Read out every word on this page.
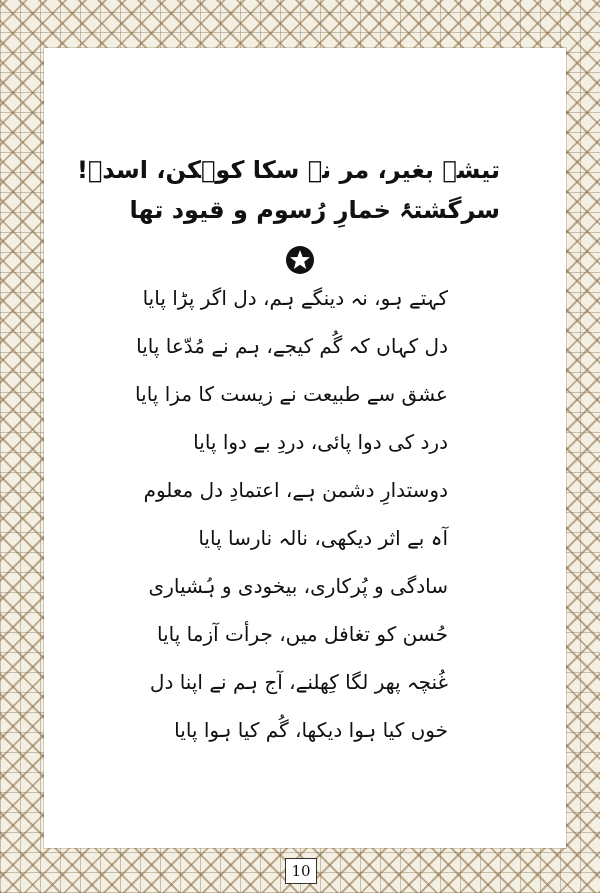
تیشے بغیر، مر نہ سکا کوہکن، اسدؔ!
سرگشتۂ خمارِ رُسوم و قیود تھا
کہتے ہو، نہ دینگے ہم، دل اگر پڑا پایا
دل کہاں کہ گُم کیجے، ہم نے مُدّعا پایا
عشق سے طبیعت نے زیست کا مزا پایا
درد کی دوا پائی، دردِ بے دوا پایا
دوستدارِ دشمن ہے، اعتمادِ دل معلوم
آہ بے اثر دیکھی، نالہ نارسا پایا
سادگی و پُرکاری، بیخودی و ہُشیاری
حُسن کو تغافل میں، جرأت آزما پایا
غُنچہ پھر لگا کِھلنے، آج ہم نے اپنا دل
خوں کیا ہوا دیکھا، گُم کیا ہوا پایا
10
